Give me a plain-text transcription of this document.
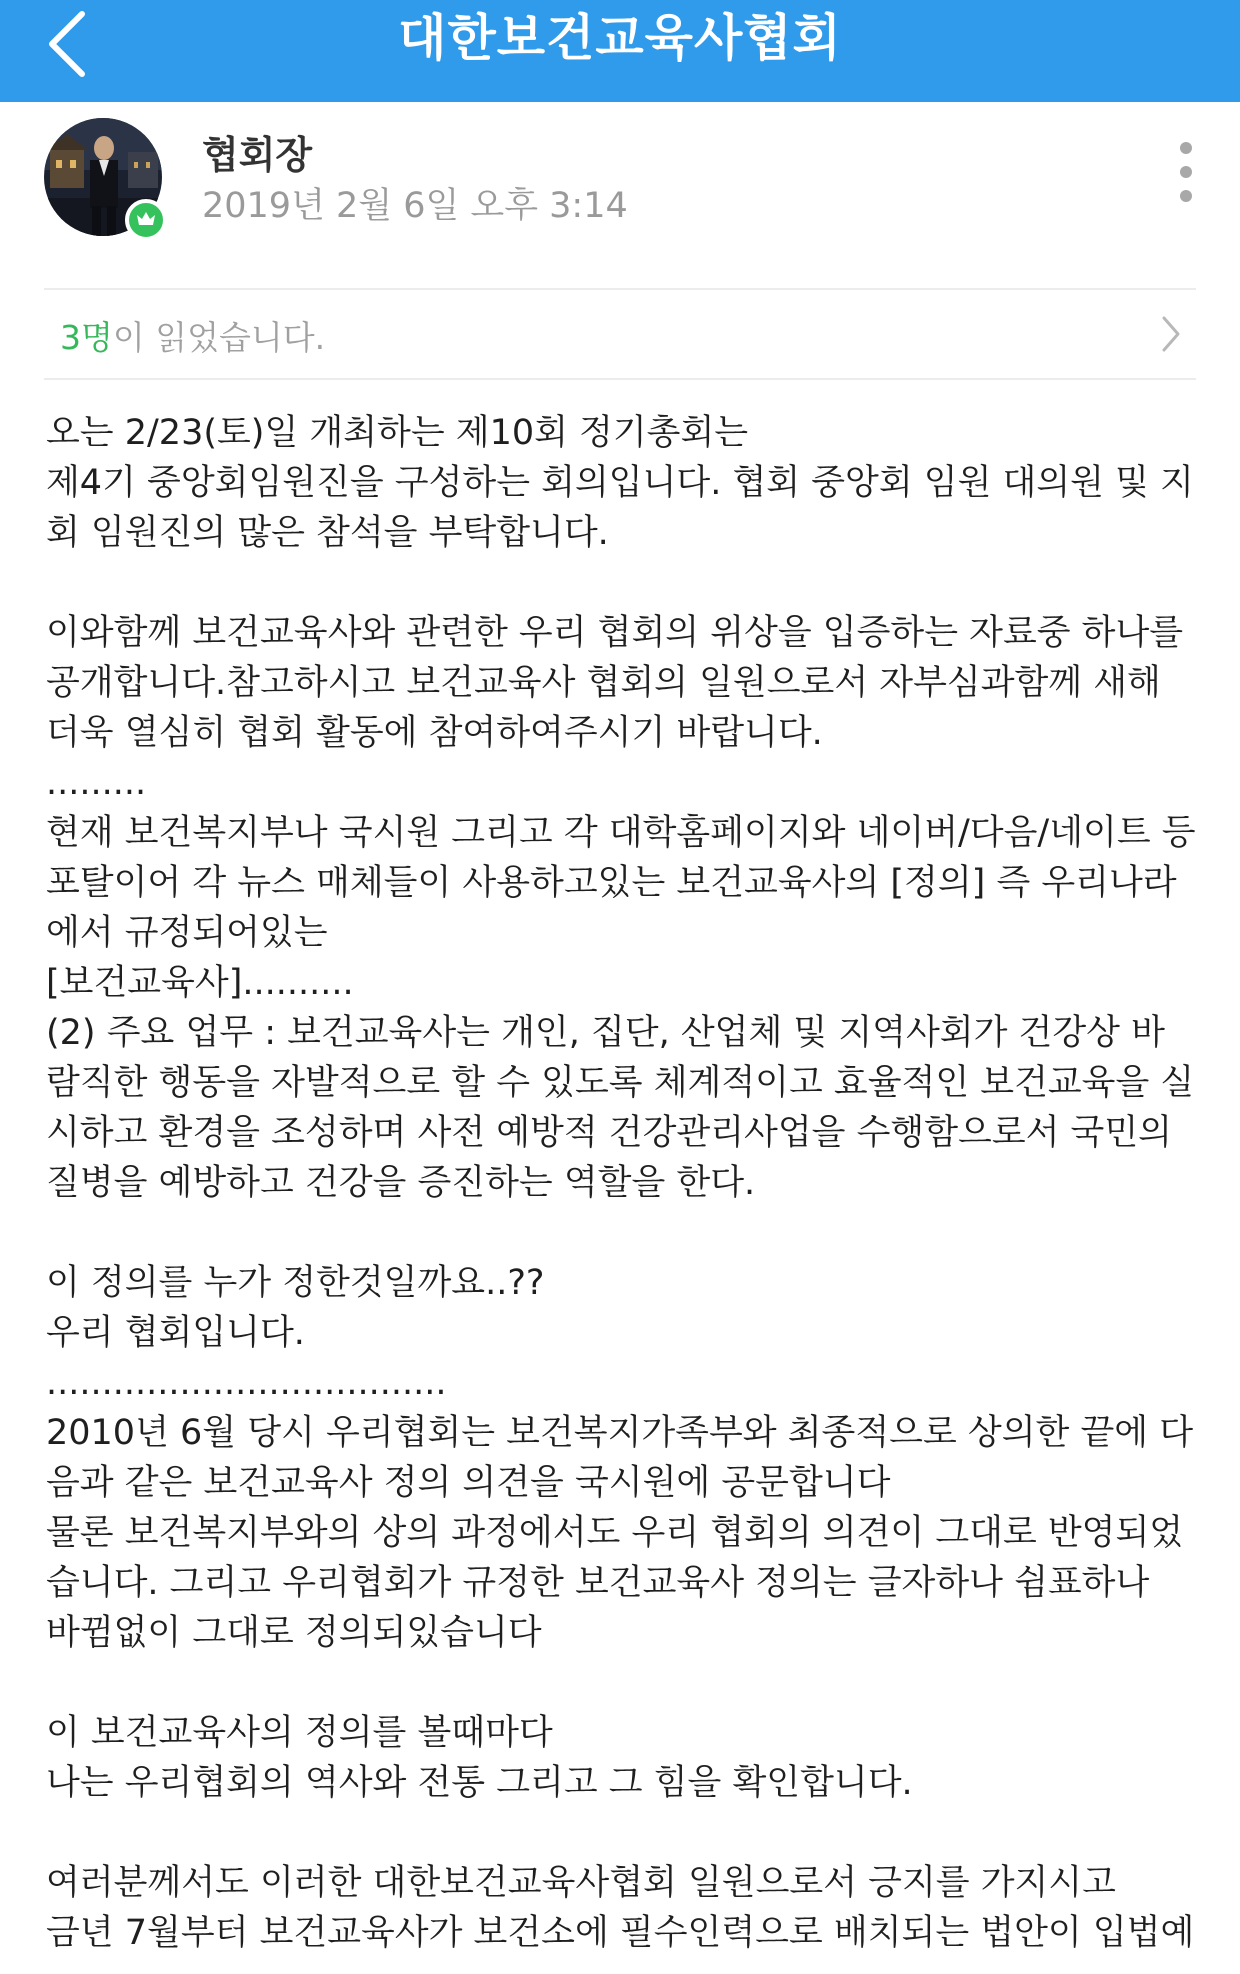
대한보건교육사협회
협회장
2019년 2월 6일 오후 3:14
3명이 읽었습니다.

오는 2/23(토)일 개최하는 제10회 정기총회는

제4기 중앙회임원진을 구성하는 회의입니다. 협회 중앙회 임원 대의원 및 지

회 임원진의 많은 참석을 부탁합니다.

이와함께 보건교육사와 관련한 우리 협회의 위상을 입증하는 자료중 하나를

공개합니다.참고하시고 보건교육사 협회의 일원으로서 자부심과함께 새해

더욱 열심히 협회 활동에 참여하여주시기 바랍니다.

.........

현재 보건복지부나 국시원 그리고 각 대학홈페이지와 네이버/다음/네이트 등

포탈이어 각 뉴스 매체들이 사용하고있는 보건교육사의 [정의] 즉 우리나라

에서 규정되어있는

[보건교육사]..........

(2) 주요 업무 : 보건교육사는 개인, 집단, 산업체 및 지역사회가 건강상 바

람직한 행동을 자발적으로 할 수 있도록 체계적이고 효율적인 보건교육을 실

시하고 환경을 조성하며 사전 예방적 건강관리사업을 수행함으로서 국민의

질병을 예방하고 건강을 증진하는 역할을 한다.

이 정의를 누가 정한것일까요..??

우리 협회입니다.

....................................

2010년 6월 당시 우리협회는 보건복지가족부와 최종적으로 상의한 끝에 다

음과 같은 보건교육사 정의 의견을 국시원에 공문합니다

물론 보건복지부와의 상의 과정에서도 우리 협회의 의견이 그대로 반영되었

습니다. 그리고 우리협회가 규정한 보건교육사 정의는 글자하나 쉼표하나

바뀜없이 그대로 정의되있습니다

이 보건교육사의 정의를 볼때마다

나는 우리협회의 역사와 전통 그리고 그 힘을 확인합니다.

여러분께서도 이러한 대한보건교육사협회 일원으로서 긍지를 가지시고

금년 7월부터 보건교육사가 보건소에 필수인력으로 배치되는 법안이 입법예
